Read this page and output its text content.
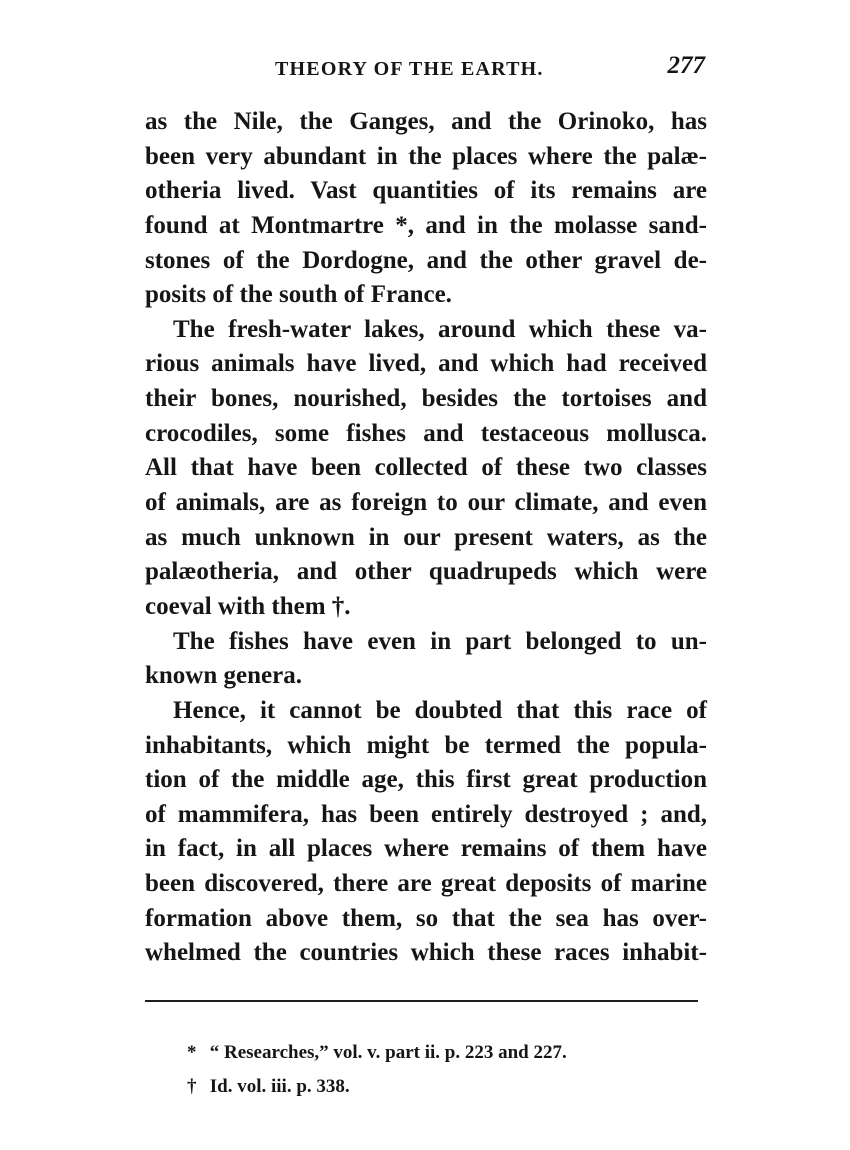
THEORY OF THE EARTH.	277
as the Nile, the Ganges, and the Orinoko, has
been very abundant in the places where the palæ-
otheria lived. Vast quantities of its remains are
found at Montmartre *, and in the molasse sand-
stones of the Dordogne, and the other gravel de-
posits of the south of France.
The fresh-water lakes, around which these va-
rious animals have lived, and which had received
their bones, nourished, besides the tortoises and
crocodiles, some fishes and testaceous mollusca.
All that have been collected of these two classes
of animals, are as foreign to our climate, and even
as much unknown in our present waters, as the
palæotheria, and other quadrupeds which were
coeval with them †.
The fishes have even in part belonged to un-
known genera.
Hence, it cannot be doubted that this race of
inhabitants, which might be termed the popula-
tion of the middle age, this first great production
of mammifera, has been entirely destroyed ; and,
in fact, in all places where remains of them have
been discovered, there are great deposits of marine
formation above them, so that the sea has over-
whelmed the countries which these races inhabit-
* “ Researches,” vol. v. part ii. p. 223 and 227.
† Id. vol. iii. p. 338.
